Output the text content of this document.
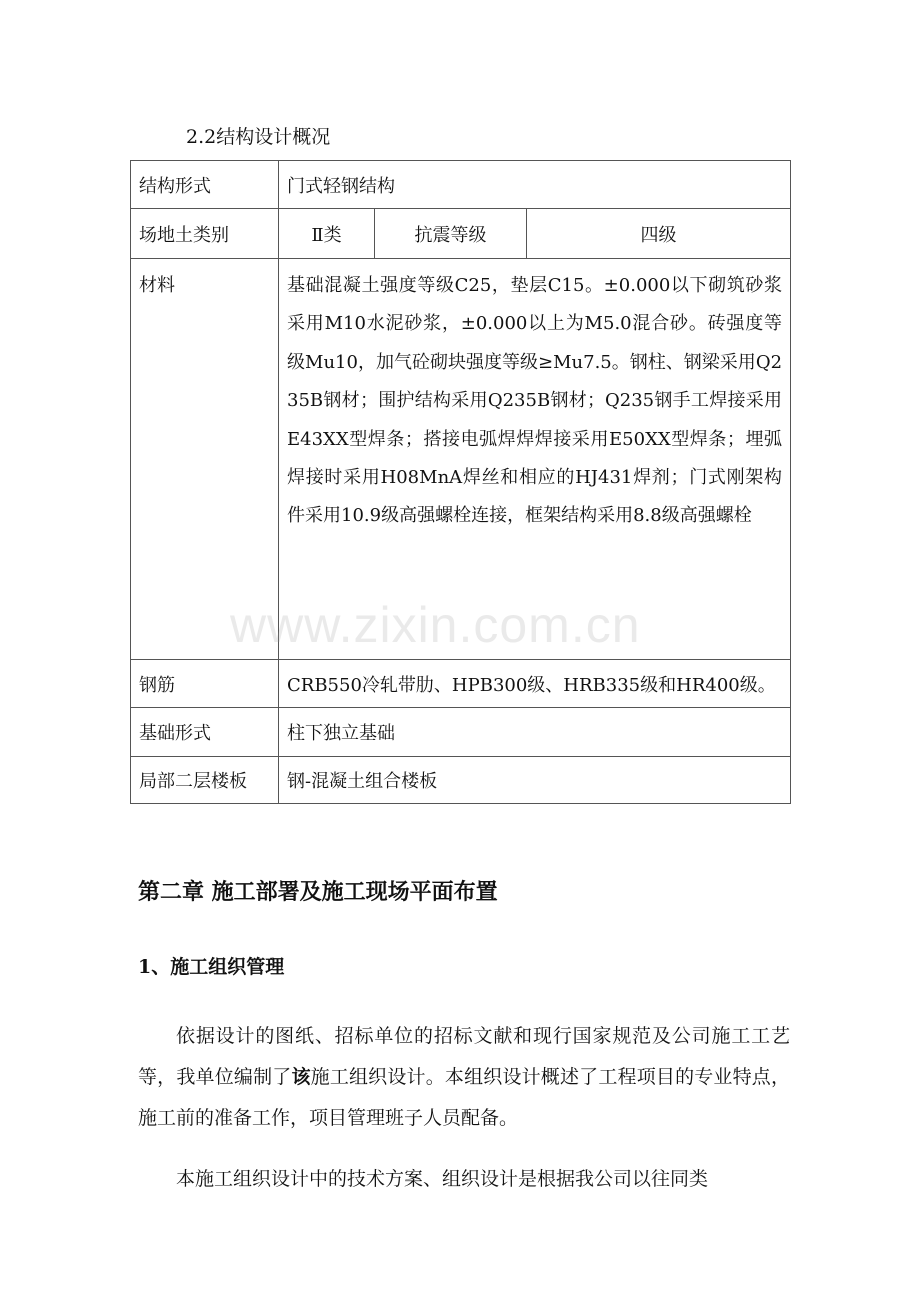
2.2结构设计概况
结构形式	门式轻钢结构		
场地土类别	Ⅱ类	抗震等级	四级

材料	基础混凝土强度等级C25，垫层C15。±0.000以下砌筑砂浆采用M10水泥砂浆，±0.000以上为M5.0混合砂。砖强度等级Mu10，加气砼砌块强度等级≥Mu7.5。钢柱、钢梁采用Q235B钢材；围护结构采用Q235B钢材；Q235钢手工焊接采用E43XX型焊条；搭接电弧焊焊焊接采用E50XX型焊条；埋弧焊接时采用H08MnA焊丝和相应的HJ431焊剂；门式刚架构件采用10.9级高强螺栓连接，框架结构采用8.8级高强螺栓		

钢筋	CRB550冷轧带肋、HPB300级、HRB335级和HR400级。		
基础形式	柱下独立基础		
局部二层楼板	钢-混凝土组合楼板		
www.zixin.com.cn
第二章 施工部署及施工现场平面布置
1、施工组织管理
依据设计的图纸、招标单位的招标文献和现行国家规范及公司施工工艺等，我单位编制了该施工组织设计。本组织设计概述了工程项目的专业特点，施工前的准备工作，项目管理班子人员配备。
本施工组织设计中的技术方案、组织设计是根据我公司以往同类
